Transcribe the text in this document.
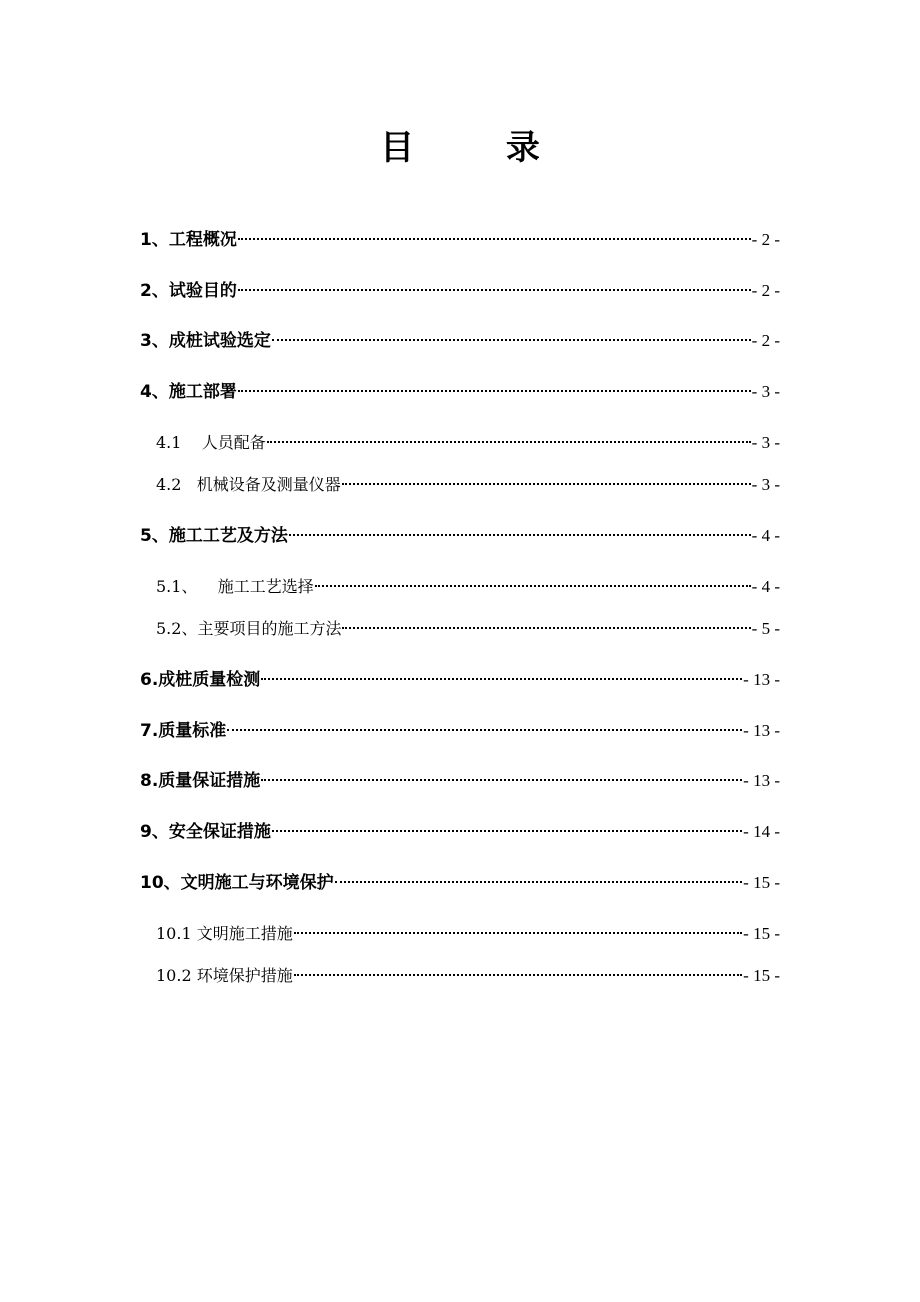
目 录
1、工程概况	- 2 -
2、试验目的	- 2 -
3、成桩试验选定	- 2 -
4、施工部署	- 3 -
4.1    人员配备	- 3 -
4.2   机械设备及测量仪器	- 3 -
5、施工工艺及方法	- 4 -
5.1、    施工工艺选择	- 4 -
5.2、主要项目的施工方法	- 5 -
6.成桩质量检测	- 13 -
7.质量标准	- 13 -
8.质量保证措施	- 13 -
9、安全保证措施	- 14 -
10、文明施工与环境保护	- 15 -
10.1 文明施工措施	- 15 -
10.2 环境保护措施	- 15 -
